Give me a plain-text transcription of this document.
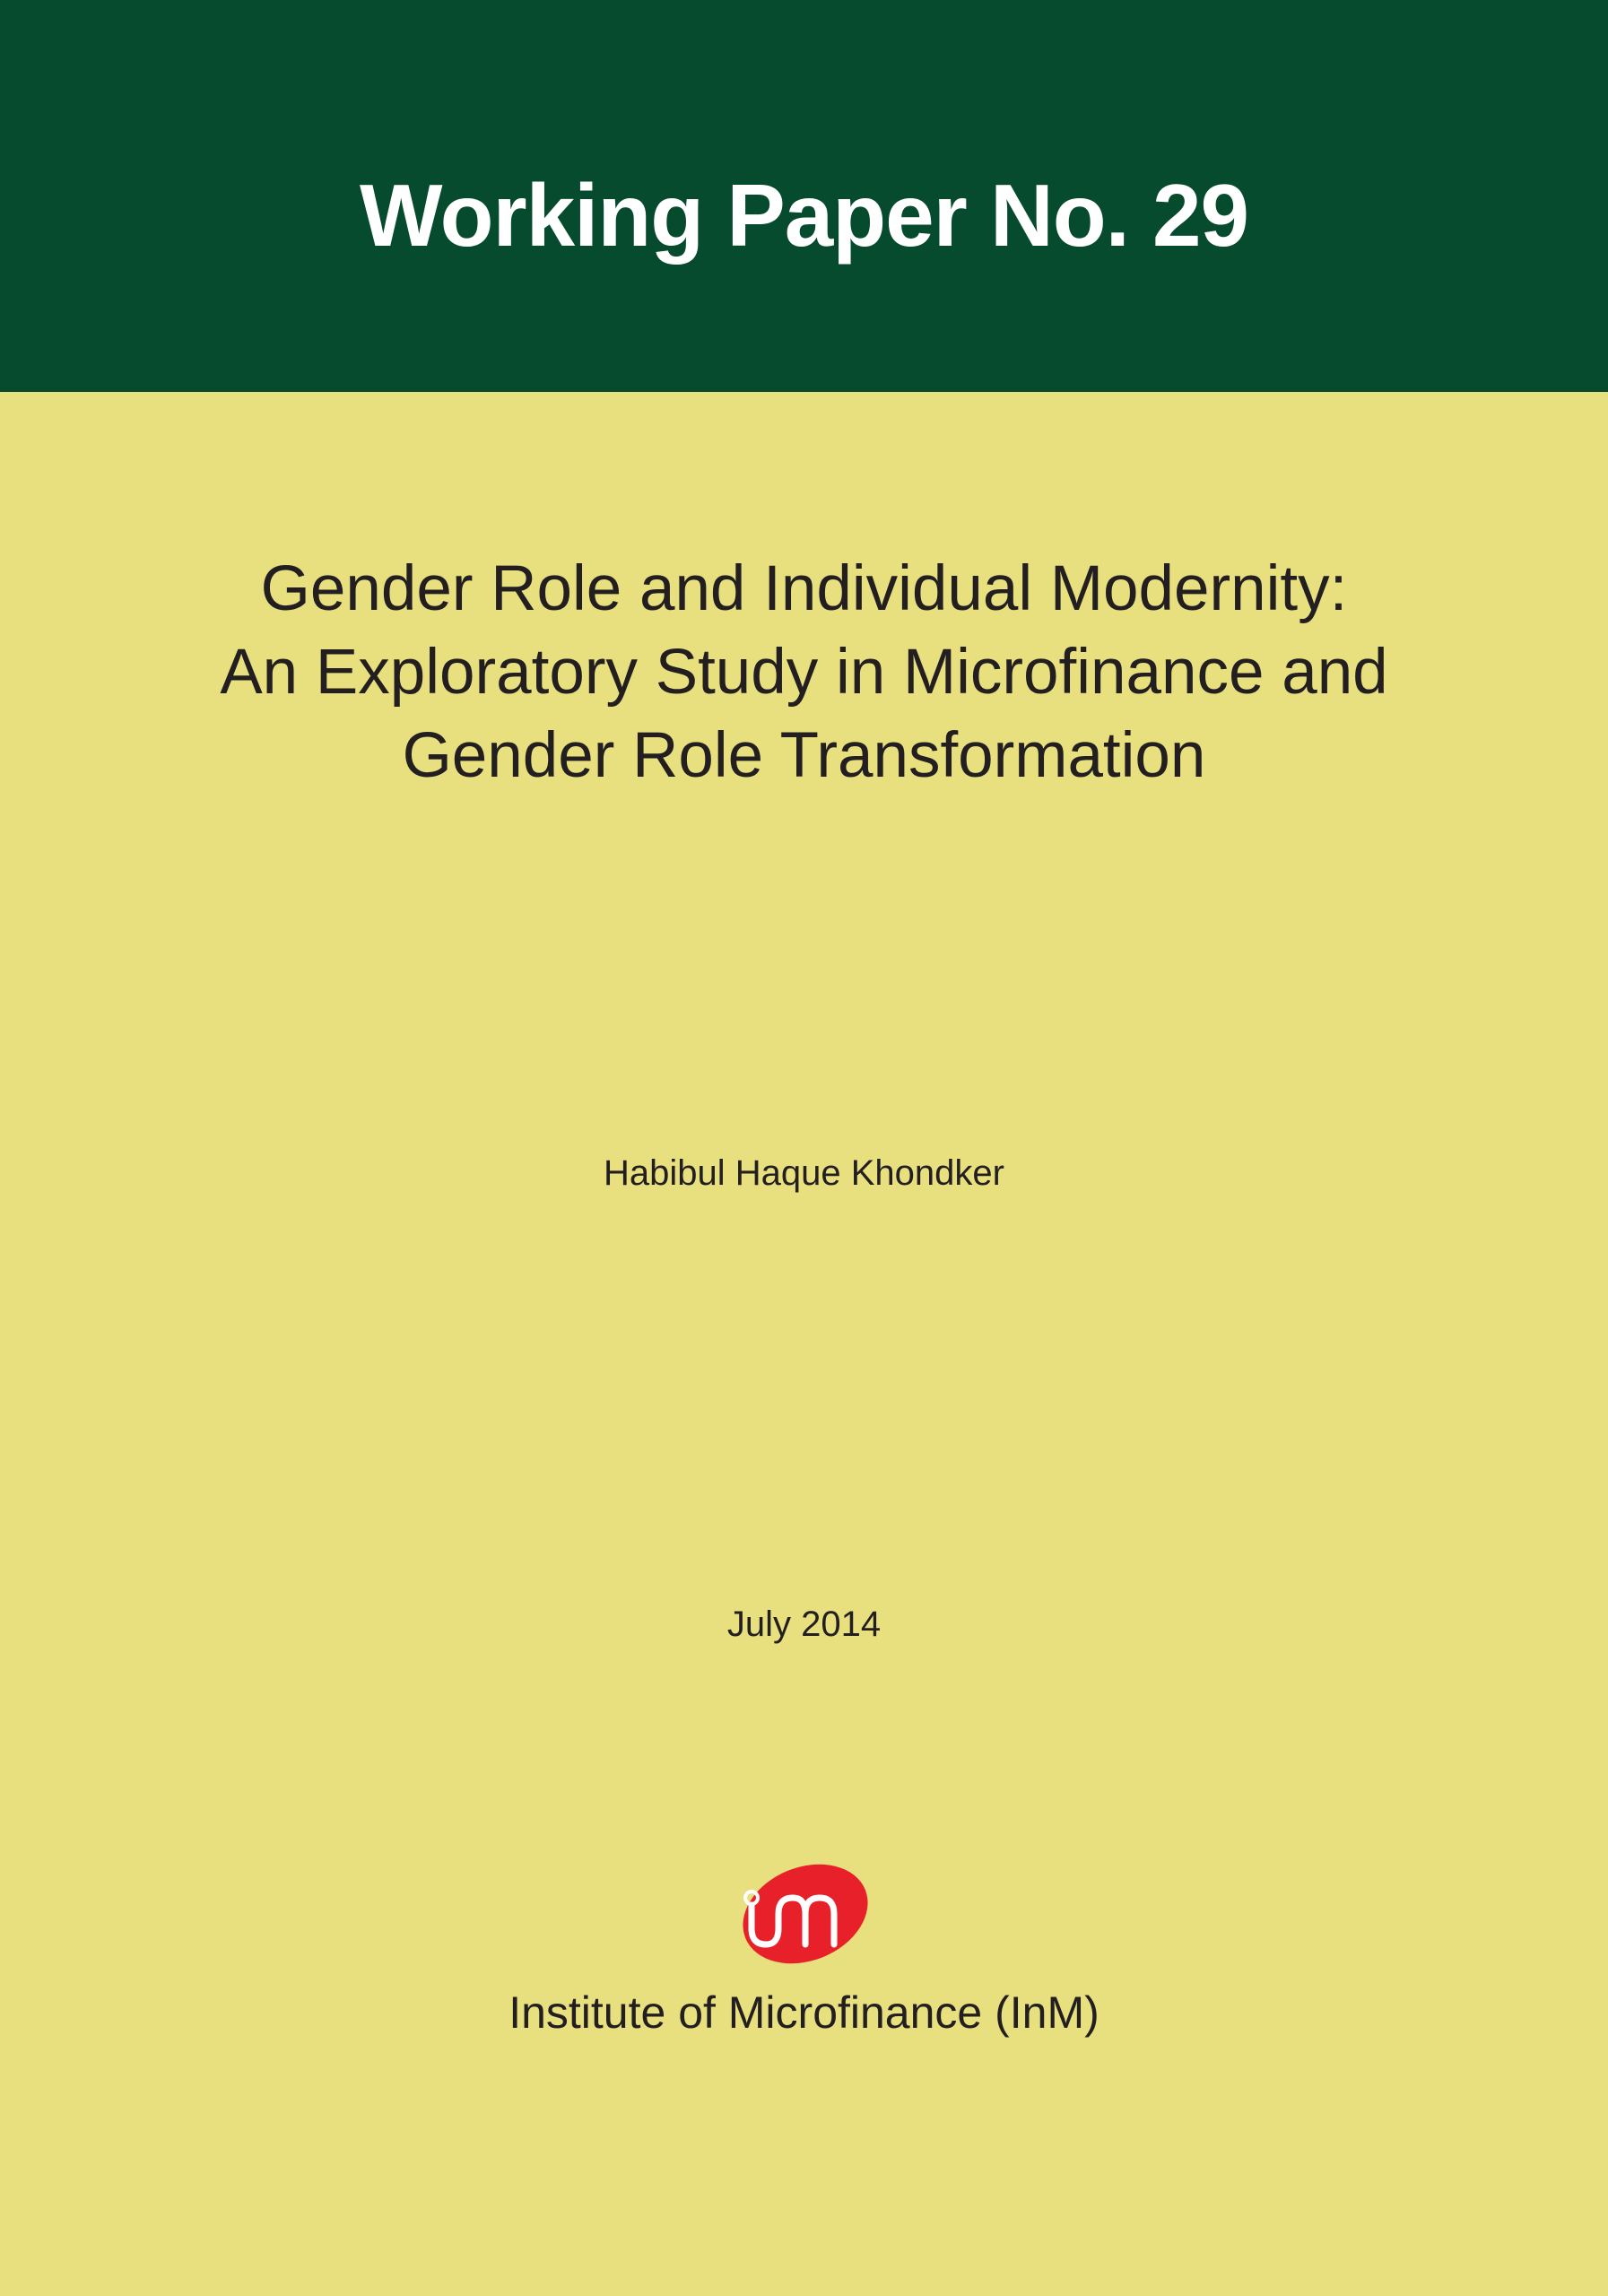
Working Paper No. 29
Gender Role and Individual Modernity:
An Exploratory Study in Microfinance and
Gender Role Transformation
Habibul Haque Khondker
July 2014
Institute of Microfinance (InM)
